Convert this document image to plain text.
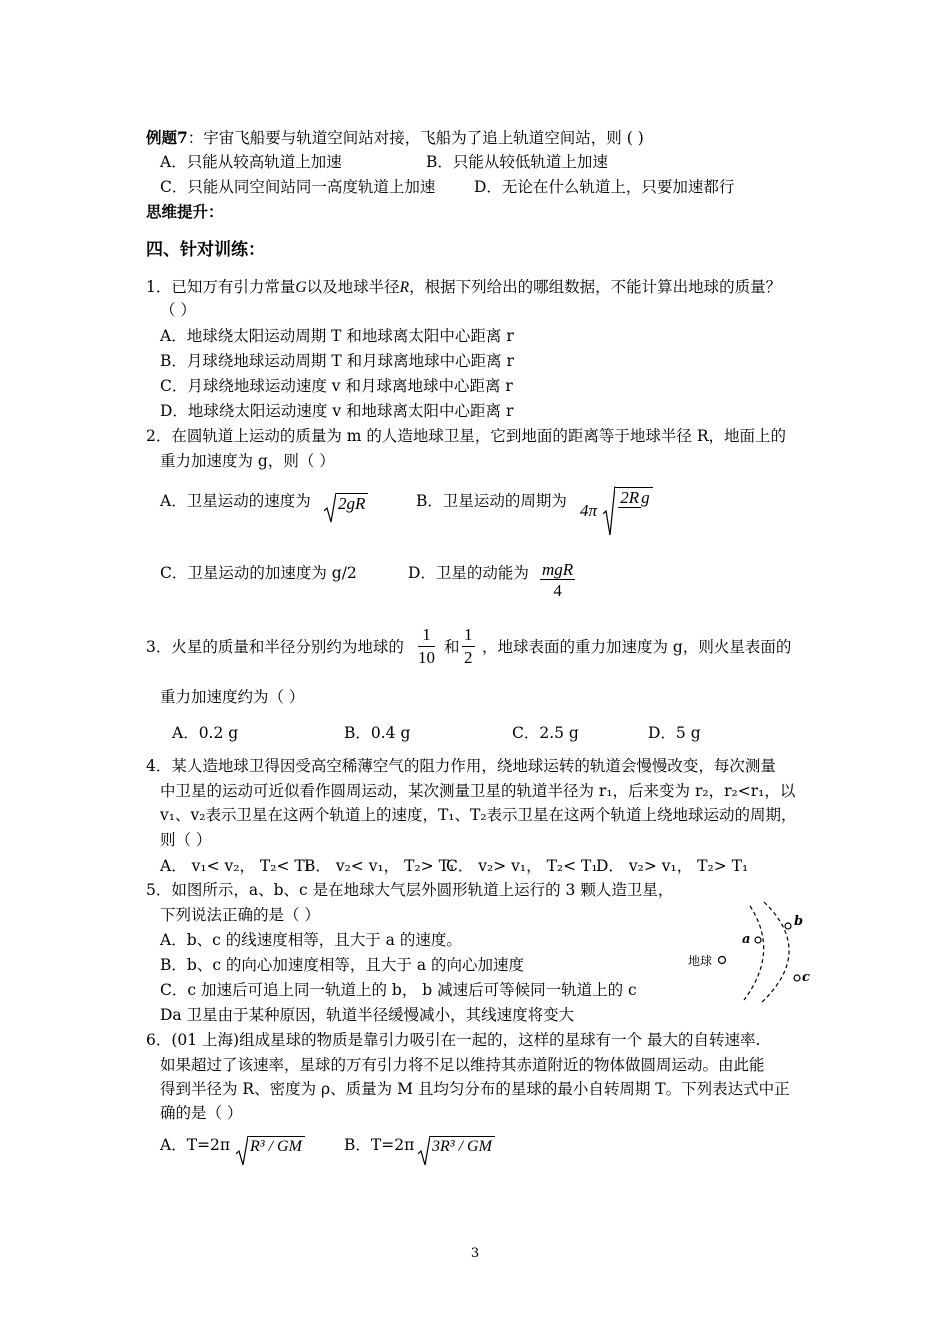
例题7：宇宙飞船要与轨道空间站对接，飞船为了追上轨道空间站，则 ( )
A．只能从较高轨道上加速	B．只能从较低轨道上加速
C．只能从同空间站同一高度轨道上加速 D．无论在什么轨道上，只要加速都行
思维提升：
四、针对训练：
1．已知万有引力常量G以及地球半径R，根据下列给出的哪组数据，不能计算出地球的质量？
（ ）
A．地球绕太阳运动周期 T 和地球离太阳中心距离 r
B．月球绕地球运动周期 T 和月球离地球中心距离 r
C．月球绕地球运动速度 v 和月球离地球中心距离 r
D．地球绕太阳运动速度 v 和地球离太阳中心距离 r
2．在圆轨道上运动的质量为 m 的人造地球卫星，它到地面的距离等于地球半径 R，地面上的
重力加速度为 g，则（ ）
A．卫星运动的速度为	2gR	B．卫星运动的周期为 4π
2R g
C．卫星运动的加速度为 g/2	D．卫星的动能为 $\frac{\text{mgR}}{4}$
3．火星的质量和半径分别约为地球的 $\frac{1}{10}$ 和 $\frac{1}{2}$ ，地球表面的重力加速度为 g，则火星表面的
重力加速度约为（ ）
A．0.2 g	B．0.4 g	C．2.5 g	D．5 g
4．某人造地球卫得因受高空稀薄空气的阻力作用，绕地球运转的轨道会慢慢改变，每次测量
中卫星的运动可近似看作圆周运动，某次测量卫星的轨道半径为 r₁，后来变为 r₂，r₂<r₁，以
v₁、v₂表示卫星在这两个轨道上的速度，T₁、T₂表示卫星在这两个轨道上绕地球运动的周期，
则（ ）
A． v₁< v₂， T₂< T₁
B． v₂< v₁， T₂> T₁
C． v₂> v₁， T₂< T₁
D． v₂> v₁， T₂> T₁
5．如图所示，a、b、c 是在地球大气层外圆形轨道上运行的 3 颗人造卫星，
下列说法正确的是（ ）
A．b、c 的线速度相等，且大于 a 的速度。
B．b、c 的向心加速度相等，且大于 a 的向心加速度
C．c 加速后可追上同一轨道上的 b， b 减速后可等候同一轨道上的 c
Da 卫星由于某种原因，轨道半径缓慢减小，其线速度将变大
地球
a
b
c
6．(01 上海)组成星球的物质是靠引力吸引在一起的，这样的星球有一个 最大的自转速率.
如果超过了该速率，星球的万有引力将不足以维持其赤道附近的物体做圆周运动。由此能
得到半径为 R、密度为 ρ、质量为 M 且均匀分布的星球的最小自转周期 T。下列表达式中正
确的是（ ）
A．T=2π	R³ / GM	B．T=2π	3R³ / GM
3
